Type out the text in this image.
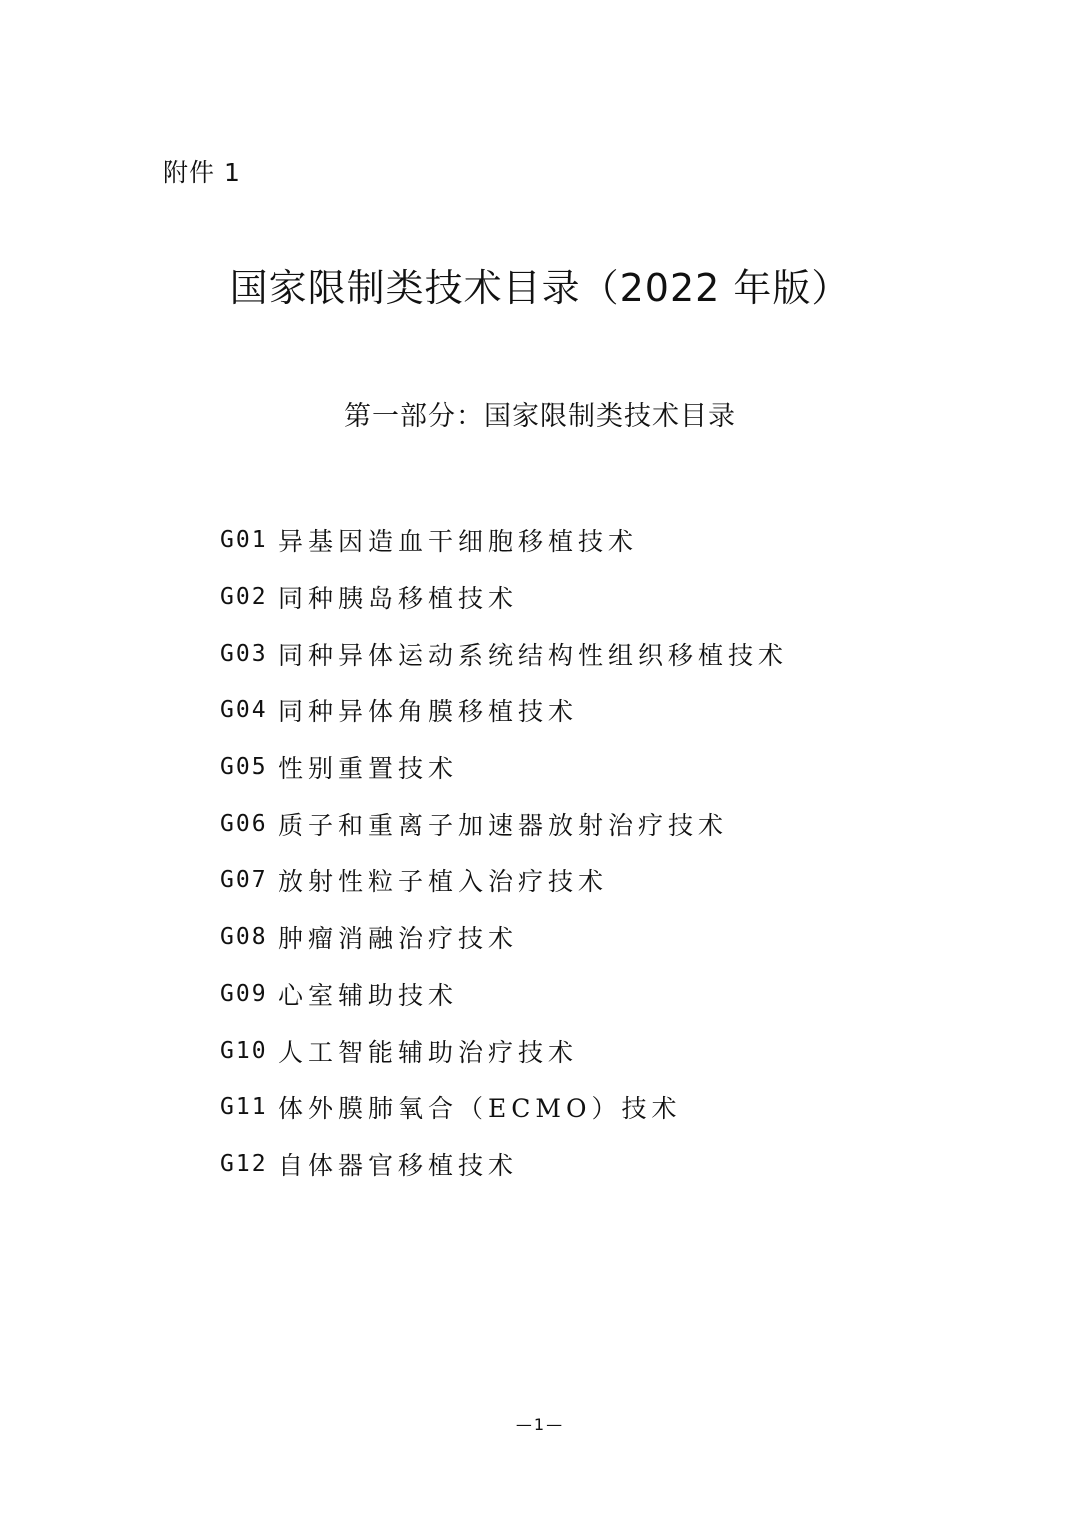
附件 1
国家限制类技术目录（2022 年版）
第一部分：国家限制类技术目录
G01 异基因造血干细胞移植技术
G02 同种胰岛移植技术
G03 同种异体运动系统结构性组织移植技术
G04 同种异体角膜移植技术
G05 性别重置技术
G06 质子和重离子加速器放射治疗技术
G07 放射性粒子植入治疗技术
G08 肿瘤消融治疗技术
G09 心室辅助技术
G10 人工智能辅助治疗技术
G11 体外膜肺氧合（ECMO）技术
G12 自体器官移植技术
—1—
